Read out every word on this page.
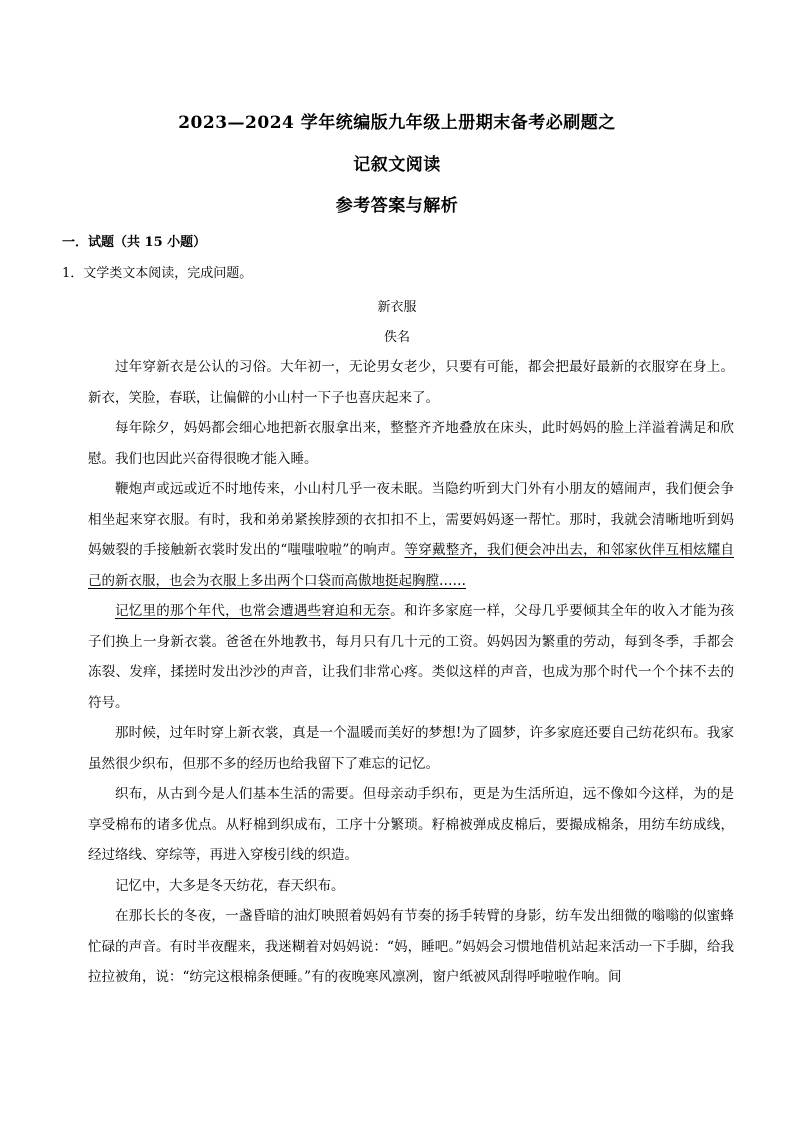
2023—2024 学年统编版九年级上册期末备考必刷题之
记叙文阅读
参考答案与解析
一．试题（共 15 小题）
1．文学类文本阅读，完成问题。
新衣服
佚名

过年穿新衣是公认的习俗。大年初一，无论男女老少，只要有可能，都会把最好最新的衣服穿在身上。新衣，笑脸，春联，让偏僻的小山村一下子也喜庆起来了。

每年除夕，妈妈都会细心地把新衣服拿出来，整整齐齐地叠放在床头，此时妈妈的脸上洋溢着满足和欣慰。我们也因此兴奋得很晚才能入睡。

鞭炮声或远或近不时地传来，小山村几乎一夜未眠。当隐约听到大门外有小朋友的嬉闹声，我们便会争相坐起来穿衣服。有时，我和弟弟紧挨脖颈的衣扣扣不上，需要妈妈逐一帮忙。那时，我就会清晰地听到妈妈皴裂的手接触新衣裳时发出的“嗤嗤啦啦”的响声。等穿戴整齐，我们便会冲出去，和邻家伙伴互相炫耀自己的新衣服，也会为衣服上多出两个口袋而高傲地挺起胸膛……

记忆里的那个年代，也常会遭遇些窘迫和无奈。和许多家庭一样，父母几乎要倾其全年的收入才能为孩子们换上一身新衣裳。爸爸在外地教书，每月只有几十元的工资。妈妈因为繁重的劳动，每到冬季，手都会冻裂、发痒，揉搓时发出沙沙的声音，让我们非常心疼。类似这样的声音，也成为那个时代一个个抹不去的符号。

那时候，过年时穿上新衣裳，真是一个温暖而美好的梦想!为了圆梦，许多家庭还要自己纺花织布。我家虽然很少织布，但那不多的经历也给我留下了难忘的记忆。

织布，从古到今是人们基本生活的需要。但母亲动手织布，更是为生活所迫，远不像如今这样，为的是享受棉布的诸多优点。从籽棉到织成布，工序十分繁琐。籽棉被弹成皮棉后，要撮成棉条，用纺车纺成线，经过络线、穿综等，再进入穿梭引线的织造。

记忆中，大多是冬天纺花，春天织布。

在那长长的冬夜，一盏昏暗的油灯映照着妈妈有节奏的扬手转臂的身影，纺车发出细微的嗡嗡的似蜜蜂忙碌的声音。有时半夜醒来，我迷糊着对妈妈说：“妈，睡吧。”妈妈会习惯地借机站起来活动一下手脚，给我拉拉被角，说：“纺完这根棉条便睡。”有的夜晚寒风凛冽，窗户纸被风刮得呼啦啦作响。间
